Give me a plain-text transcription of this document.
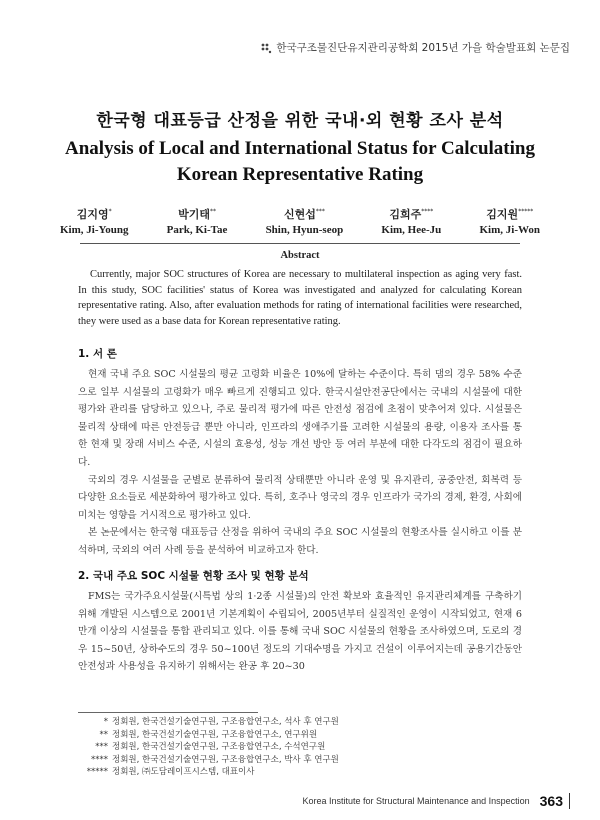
한국구조물진단유지관리공학회 2015년 가을 학술발표회 논문집
한국형 대표등급 산정을 위한 국내·외 현황 조사 분석
Analysis of Local and International Status for Calculating
Korean Representative Rating
김지영*
Kim, Ji-Young
박기태**
Park, Ki-Tae
신현섭***
Shin, Hyun-seop
김희주****
Kim, Hee-Ju
김지원*****
Kim, Ji-Won
Abstract
Currently, major SOC structures of Korea are necessary to multilateral inspection as aging very fast. In this study, SOC facilities' status of Korea was investigated and analyzed for calculating Korean representative rating. Also, after evaluation methods for rating of international facilities were researched, they were used as a base data for Korean representative rating.
1. 서 론

현재 국내 주요 SOC 시설물의 평균 고령화 비율은 10%에 달하는 수준이다. 특히 댐의 경우 58% 수준으로 일부 시설물의 고령화가 매우 빠르게 진행되고 있다. 한국시설안전공단에서는 국내의 시설물에 대한 평가와 관리를 담당하고 있으나, 주로 물리적 평가에 따른 안전성 점검에 초점이 맞추어져 있다. 시설물은 물리적 상태에 따른 안전등급 뿐만 아니라, 인프라의 생애주기를 고려한 시설물의 용량, 이용자 조사를 통한 현재 및 장래 서비스 수준, 시설의 효용성, 성능 개선 방안 등 여러 부분에 대한 다각도의 점검이 필요하다.

국외의 경우 시설물을 군별로 분류하여 물리적 상태뿐만 아니라 운영 및 유지관리, 공중안전, 회복력 등 다양한 요소들로 세분화하여 평가하고 있다. 특히, 호주나 영국의 경우 인프라가 국가의 경제, 환경, 사회에 미치는 영향을 거시적으로 평가하고 있다.

본 논문에서는 한국형 대표등급 산정을 위하여 국내의 주요 SOC 시설물의 현황조사를 실시하고 이를 분석하며, 국외의 여러 사례 등을 분석하여 비교하고자 한다.

2. 국내 주요 SOC 시설물 현황 조사 및 현황 분석

FMS는 국가주요시설물(시특법 상의 1·2종 시설물)의 안전 확보와 효율적인 유지관리체계를 구축하기 위해 개발된 시스템으로 2001년 기본계획이 수립되어, 2005년부터 실질적인 운영이 시작되었고, 현재 6만개 이상의 시설물을 통합 관리되고 있다. 이를 통해 국내 SOC 시설물의 현황을 조사하였으며, 도로의 경우 15~50년, 상하수도의 경우 50~100년 정도의 기대수명을 가지고 건설이 이루어지는데 공용기간동안 안전성과 사용성을 유지하기 위해서는 완공 후 20~30

* 정회원, 한국건설기술연구원, 구조융합연구소, 석사 후 연구원
** 정회원, 한국건설기술연구원, 구조융합연구소, 연구위원
*** 정회원, 한국건설기술연구원, 구조융합연구소, 수석연구원
**** 정회원, 한국건설기술연구원, 구조융합연구소, 박사 후 연구원
***** 정회원, ㈜도담레이프시스템, 대표이사
Korea Institute for Structural Maintenance and Inspection 363
